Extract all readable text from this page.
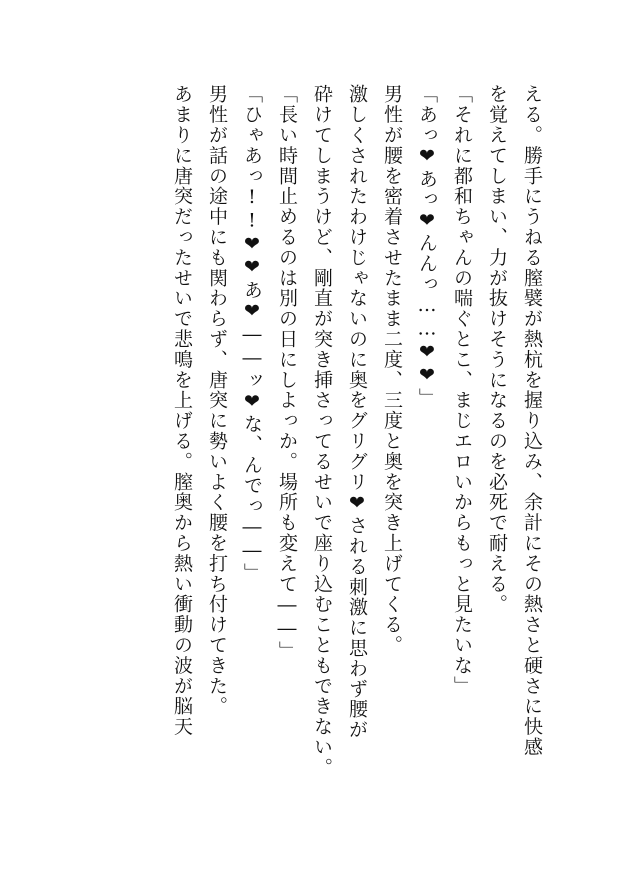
える。勝手にうねる膣襞が熱杭を握り込み、余計にその熱さと硬さに快感
を覚えてしまい、力が抜けそうになるのを必死で耐える。
「それに都和ちゃんの喘ぐとこ、まじエロいからもっと見たいな」
「あっ❤あっ❤んんっ……❤❤」
男性が腰を密着させたまま二度、三度と奥を突き上げてくる。
激しくされたわけじゃないのに奥をグリグリ❤される刺激に思わず腰が
砕けてしまうけど、剛直が突き挿さってるせいで座り込むこともできない。
「長い時間止めるのは別の日にしよっか。場所も変えて――」
「ひゃあっ!!❤❤あ❤――ッ❤な、んでっ――」
男性が話の途中にも関わらず、唐突に勢いよく腰を打ち付けてきた。
あまりに唐突だったせいで悲鳴を上げる。膣奥から熱い衝動の波が脳天
